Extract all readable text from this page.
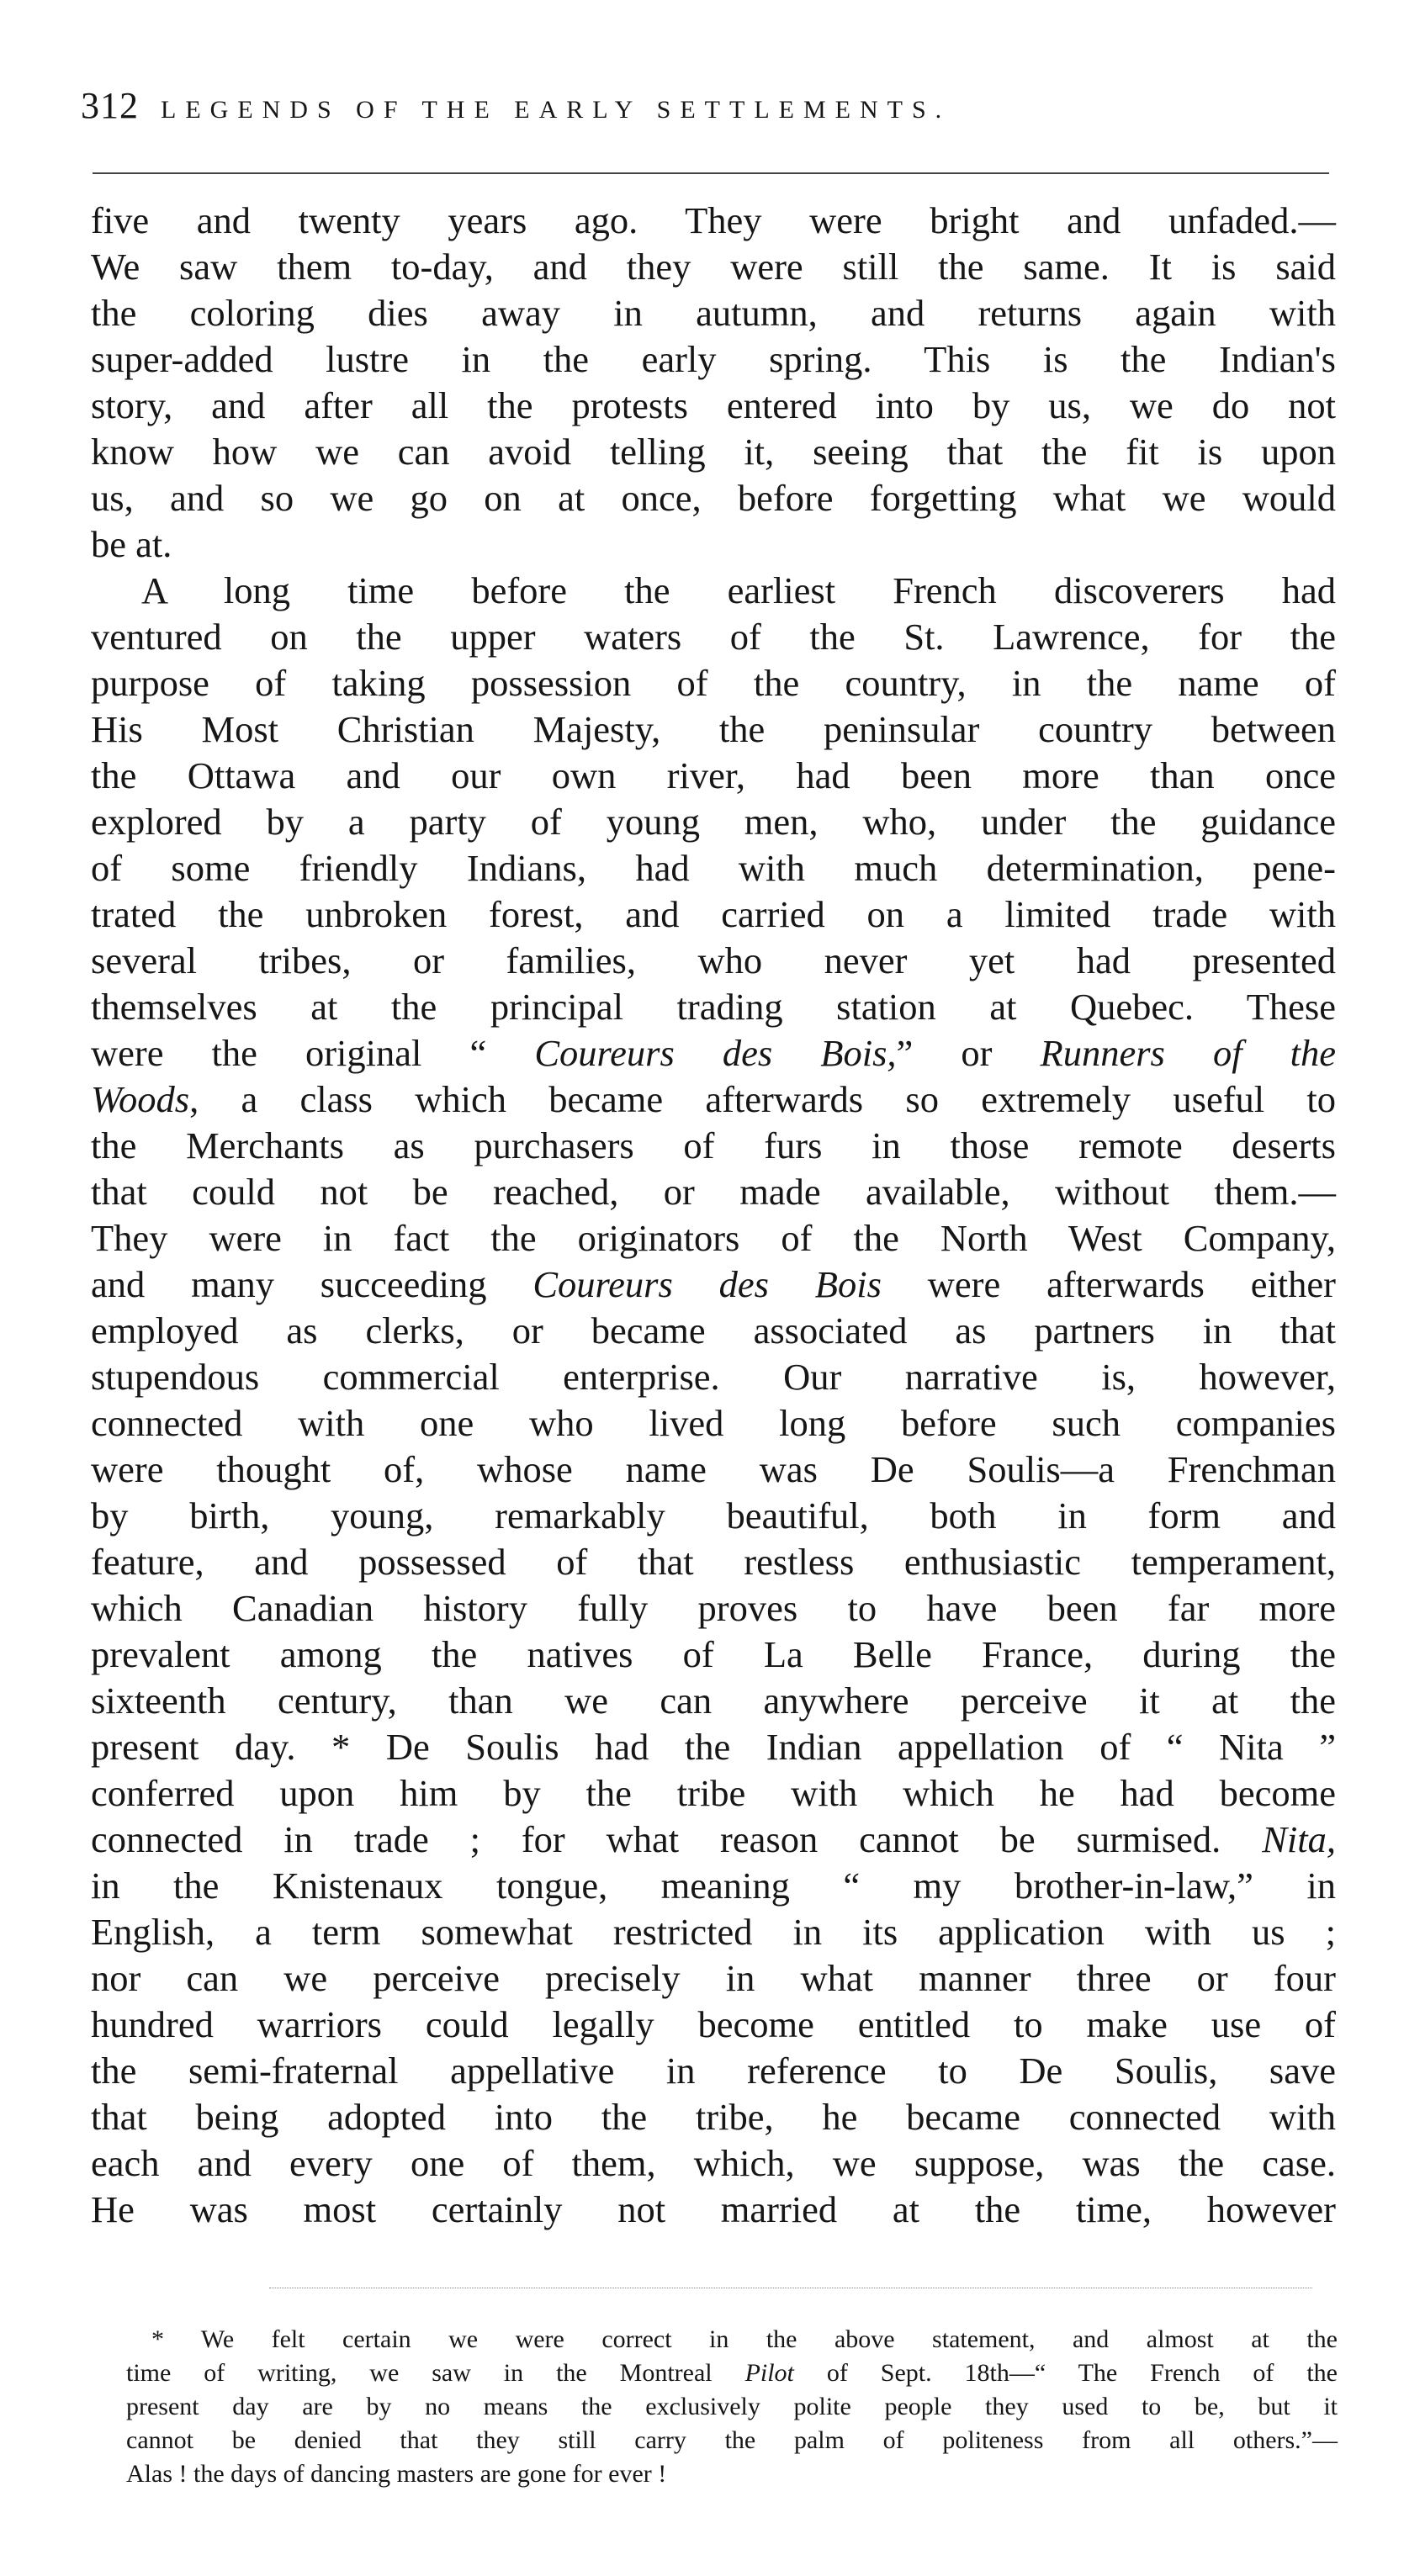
312 LEGENDS OF THE EARLY SETTLEMENTS.
five and twenty years ago. They were bright and unfaded.—
We saw them to-day, and they were still the same. It is said
the coloring dies away in autumn, and returns again with
super-added lustre in the early spring. This is the Indian's
story, and after all the protests entered into by us, we do not
know how we can avoid telling it, seeing that the fit is upon
us, and so we go on at once, before forgetting what we would
be at.
A long time before the earliest French discoverers had
ventured on the upper waters of the St. Lawrence, for the
purpose of taking possession of the country, in the name of
His Most Christian Majesty, the peninsular country between
the Ottawa and our own river, had been more than once
explored by a party of young men, who, under the guidance
of some friendly Indians, had with much determination, pene-
trated the unbroken forest, and carried on a limited trade with
several tribes, or families, who never yet had presented
themselves at the principal trading station at Quebec. These
were the original “ Coureurs des Bois,” or Runners of the
Woods, a class which became afterwards so extremely useful to
the Merchants as purchasers of furs in those remote deserts
that could not be reached, or made available, without them.—
They were in fact the originators of the North West Company,
and many succeeding Coureurs des Bois were afterwards either
employed as clerks, or became associated as partners in that
stupendous commercial enterprise. Our narrative is, however,
connected with one who lived long before such companies
were thought of, whose name was De Soulis—a Frenchman
by birth, young, remarkably beautiful, both in form and
feature, and possessed of that restless enthusiastic temperament,
which Canadian history fully proves to have been far more
prevalent among the natives of La Belle France, during the
sixteenth century, than we can anywhere perceive it at the
present day. * De Soulis had the Indian appellation of “ Nita ”
conferred upon him by the tribe with which he had become
connected in trade ; for what reason cannot be surmised. Nita,
in the Knistenaux tongue, meaning “ my brother-in-law,” in
English, a term somewhat restricted in its application with us ;
nor can we perceive precisely in what manner three or four
hundred warriors could legally become entitled to make use of
the semi-fraternal appellative in reference to De Soulis, save
that being adopted into the tribe, he became connected with
each and every one of them, which, we suppose, was the case.
He was most certainly not married at the time, however
* We felt certain we were correct in the above statement, and almost at the
time of writing, we saw in the Montreal Pilot of Sept. 18th—“ The French of the
present day are by no means the exclusively polite people they used to be, but it
cannot be denied that they still carry the palm of politeness from all others.”—
Alas ! the days of dancing masters are gone for ever !
